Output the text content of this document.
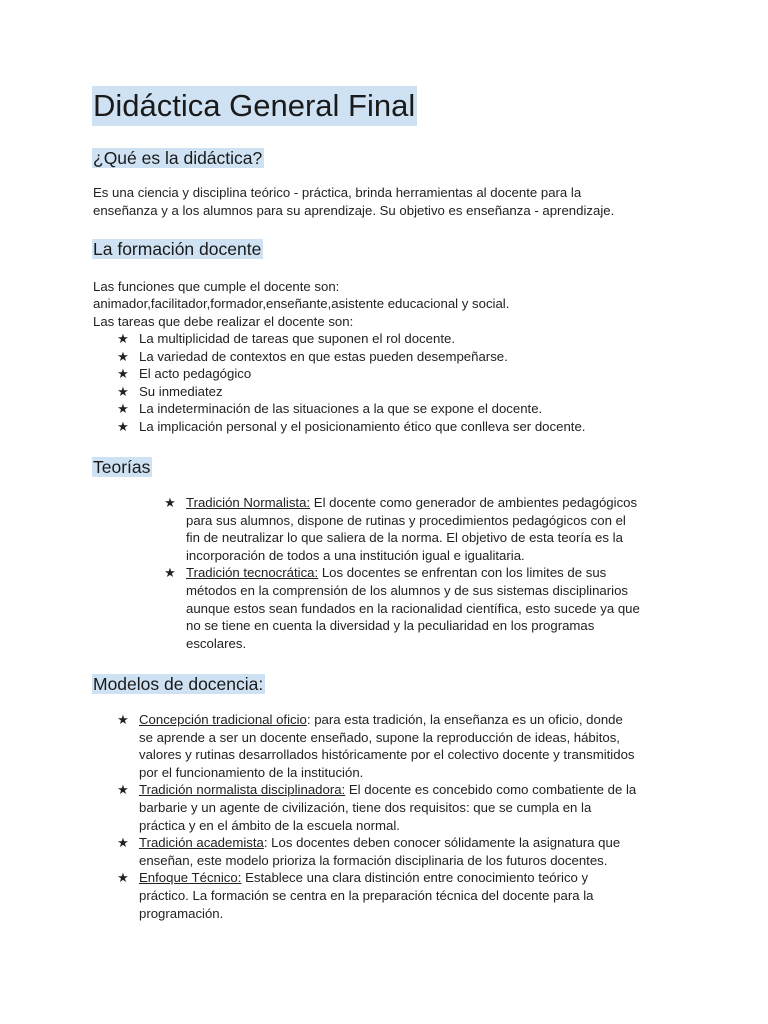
Didáctica General Final
¿Qué es la didáctica?

Es una ciencia y disciplina teórico - práctica, brinda herramientas al docente para la

enseñanza y a los alumnos para su aprendizaje. Su objetivo es enseñanza - aprendizaje.

La formación docente

Las funciones que cumple el docente son:

animador,facilitador,formador,enseñante,asistente educacional y social.

Las tareas que debe realizar el docente son:

★ La multiplicidad de tareas que suponen el rol docente.
★ La variedad de contextos en que estas pueden desempeñarse.
★ El acto pedagógico
★ Su inmediatez
★ La indeterminación de las situaciones a la que se expone el docente.
★ La implicación personal y el posicionamiento ético que conlleva ser docente.
Teorías
★ Tradición Normalista: El docente como generador de ambientes pedagógicos
para sus alumnos, dispone de rutinas y procedimientos pedagógicos con el
fin de neutralizar lo que saliera de la norma. El objetivo de esta teoría es la
incorporación de todos a una institución igual e igualitaria.
★ Tradición tecnocrática: Los docentes se enfrentan con los limites de sus
métodos en la comprensión de los alumnos y de sus sistemas disciplinarios
aunque estos sean fundados en la racionalidad científica, esto sucede ya que
no se tiene en cuenta la diversidad y la peculiaridad en los programas
escolares.
Modelos de docencia:
★ Concepción tradicional oficio: para esta tradición, la enseñanza es un oficio, donde
se aprende a ser un docente enseñado, supone la reproducción de ideas, hábitos,
valores y rutinas desarrollados históricamente por el colectivo docente y transmitidos
por el funcionamiento de la institución.
★ Tradición normalista disciplinadora: El docente es concebido como combatiente de la
barbarie y un agente de civilización, tiene dos requisitos: que se cumpla en la
práctica y en el ámbito de la escuela normal.
★ Tradición academista: Los docentes deben conocer sólidamente la asignatura que
enseñan, este modelo prioriza la formación disciplinaria de los futuros docentes.
★ Enfoque Técnico: Establece una clara distinción entre conocimiento teórico y
práctico. La formación se centra en la preparación técnica del docente para la
programación.
